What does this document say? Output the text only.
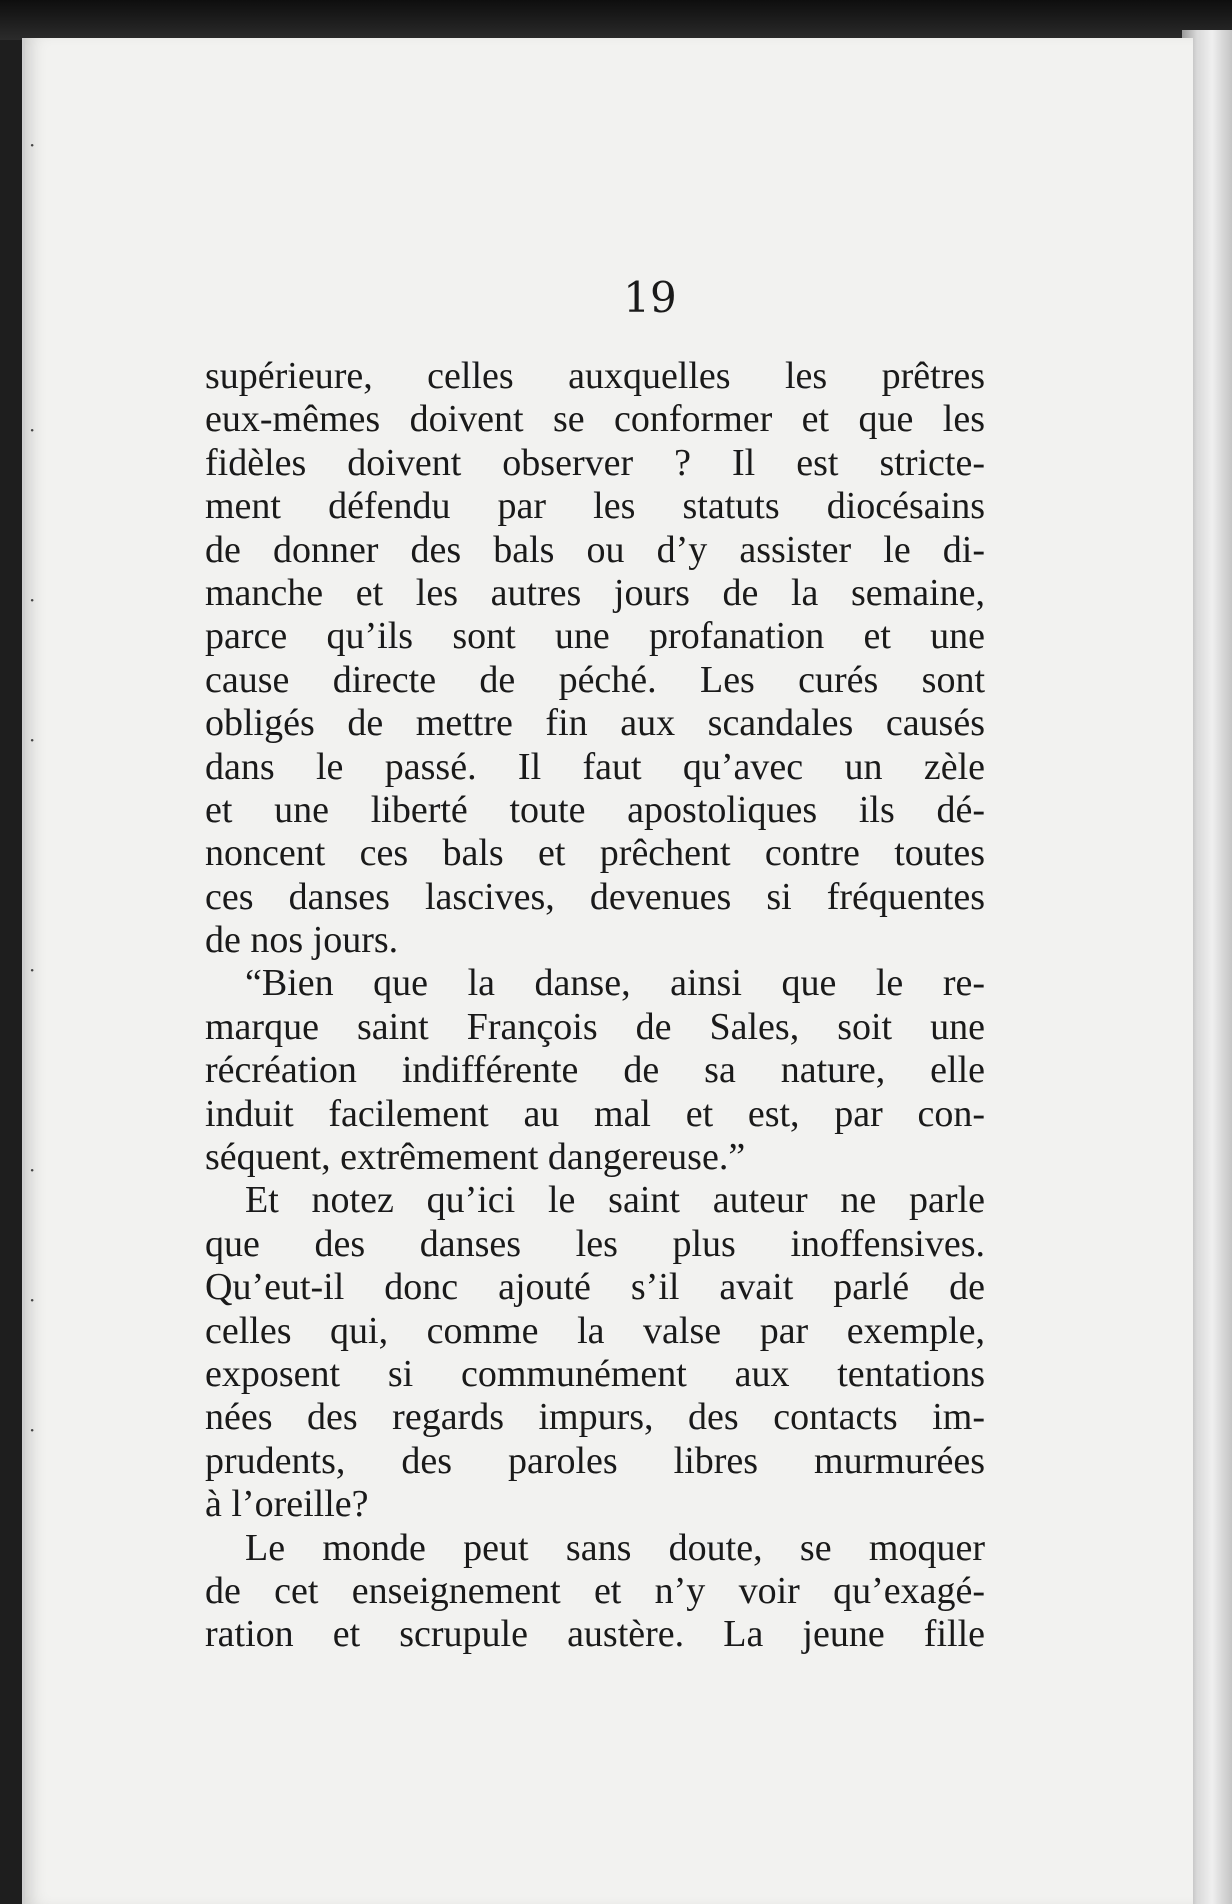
·
·
·
·
·
·
·
·
19
supérieure, celles auxquelles les prêtres
eux-mêmes doivent se conformer et que les
fidèles doivent observer ? Il est stricte-
ment défendu par les statuts diocésains
de donner des bals ou d’y assister le di-
manche et les autres jours de la semaine,
parce qu’ils sont une profanation et une
cause directe de péché. Les curés sont
obligés de mettre fin aux scandales causés
dans le passé. Il faut qu’avec un zèle
et une liberté toute apostoliques ils dé-
noncent ces bals et prêchent contre toutes
ces danses lascives, devenues si fréquentes
de nos jours.
“Bien que la danse, ainsi que le re-
marque saint François de Sales, soit une
récréation indifférente de sa nature, elle
induit facilement au mal et est, par con-
séquent, extrêmement dangereuse.”
Et notez qu’ici le saint auteur ne parle
que des danses les plus inoffensives.
Qu’eut-il donc ajouté s’il avait parlé de
celles qui, comme la valse par exemple,
exposent si communément aux tentations
nées des regards impurs, des contacts im-
prudents, des paroles libres murmurées
à l’oreille?
Le monde peut sans doute, se moquer
de cet enseignement et n’y voir qu’exagé-
ration et scrupule austère. La jeune fille
